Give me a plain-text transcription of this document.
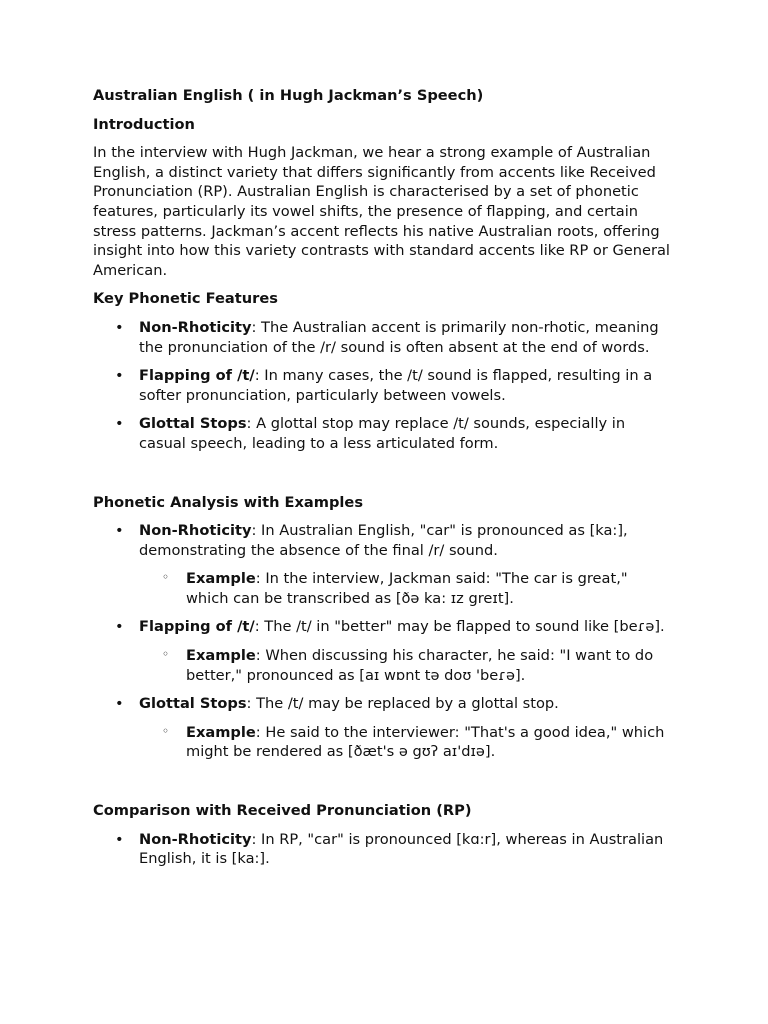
Australian English ( in Hugh Jackman’s Speech)
Introduction

In the interview with Hugh Jackman, we hear a strong example of Australian English, a distinct variety that differs significantly from accents like Received Pronunciation (RP). Australian English is characterised by a set of phonetic features, particularly its vowel shifts, the presence of flapping, and certain stress patterns. Jackman’s accent reflects his native Australian roots, offering insight into how this variety contrasts with standard accents like RP or General American.

Key Phonetic Features
• Non-Rhoticity: The Australian accent is primarily non-rhotic, meaning the pronunciation of the /r/ sound is often absent at the end of words.
• Flapping of /t/: In many cases, the /t/ sound is flapped, resulting in a softer pronunciation, particularly between vowels.
• Glottal Stops: A glottal stop may replace /t/ sounds, especially in casual speech, leading to a less articulated form.
Phonetic Analysis with Examples
• Non-Rhoticity: In Australian English, "car" is pronounced as [ka:], demonstrating the absence of the final /r/ sound.
◦ Example: In the interview, Jackman said: "The car is great," which can be transcribed as [ðə ka: ɪz greɪt].
• Flapping of /t/: The /t/ in "better" may be flapped to sound like [beɾə].
◦ Example: When discussing his character, he said: "I want to do better," pronounced as [aɪ wɒnt tə doʊ 'beɾə].
• Glottal Stops: The /t/ may be replaced by a glottal stop.
◦ Example: He said to the interviewer: "That's a good idea," which might be rendered as [ðæt's ə gʊʔ aɪ'dɪə].
Comparison with Received Pronunciation (RP)
• Non-Rhoticity: In RP, "car" is pronounced [kɑ:r], whereas in Australian English, it is [ka:].
